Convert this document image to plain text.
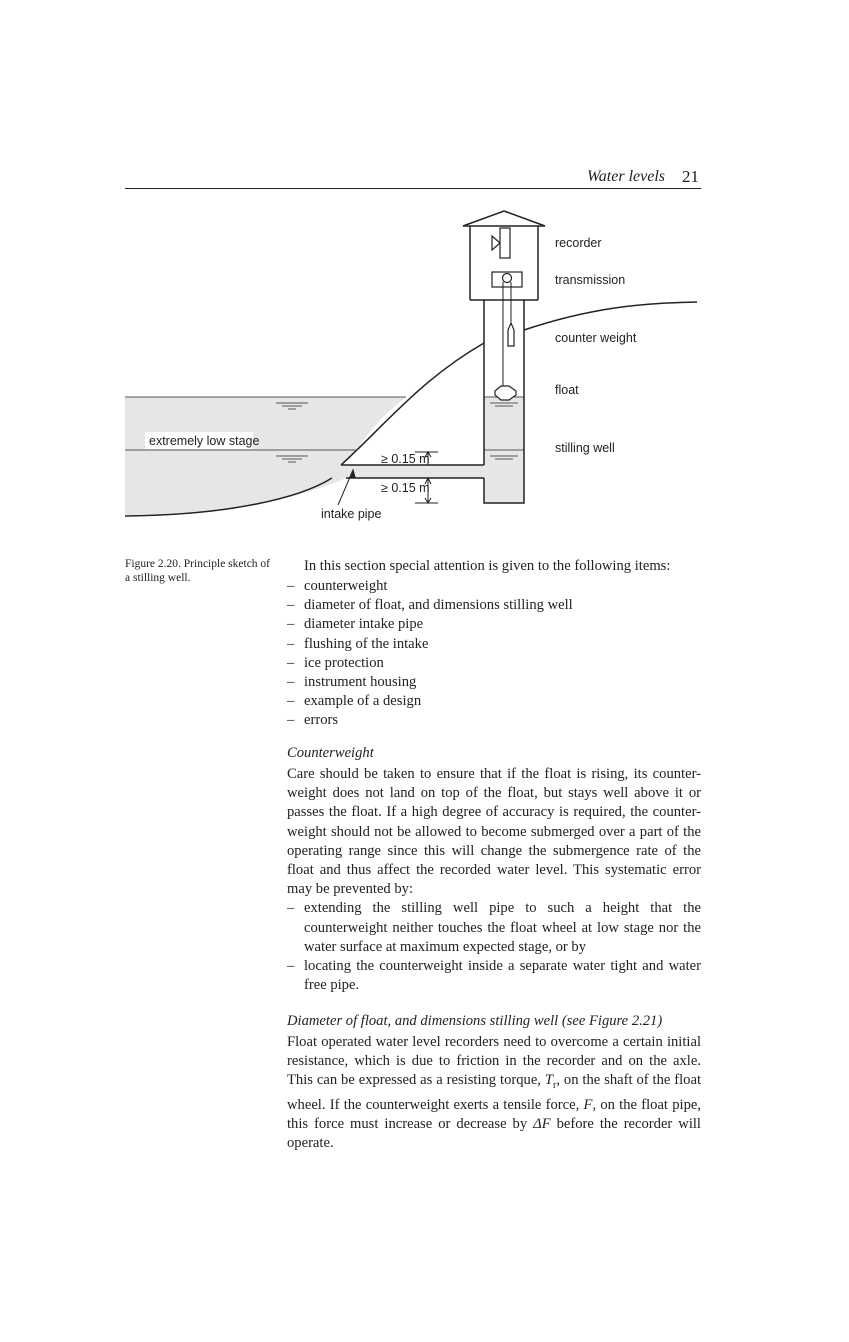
Water levels 21
recorder
transmission
counter weight
float
stilling well
extremely low stage
≥ 0.15 m
≥ 0.15 m
intake pipe
Figure 2.20. Principle sketch of a stilling well.
In this section special attention is given to the following items:
– counterweight
– diameter of float, and dimensions stilling well
– diameter intake pipe
– flushing of the intake
– ice protection
– instrument housing
– example of a design
– errors
Counterweight

Care should be taken to ensure that if the float is rising, its counter-weight does not land on top of the float, but stays well above it or passes the float. If a high degree of accuracy is required, the counter-weight should not be allowed to become submerged over a part of the operating range since this will change the submergence rate of the float and thus affect the recorded water level. This systematic error may be prevented by:

– extending the stilling well pipe to such a height that the counterweight neither touches the float wheel at low stage nor the water surface at maximum expected stage, or by
– locating the counterweight inside a separate water tight and water free pipe.
Diameter of float, and dimensions stilling well (see Figure 2.21)

Float operated water level recorders need to overcome a certain initial resistance, which is due to friction in the recorder and on the axle. This can be expressed as a resisting torque, $T_r$, on the shaft of the float wheel. If the counterweight exerts a tensile force, F, on the float pipe, this force must increase or decrease by ΔF before the recorder will operate.
